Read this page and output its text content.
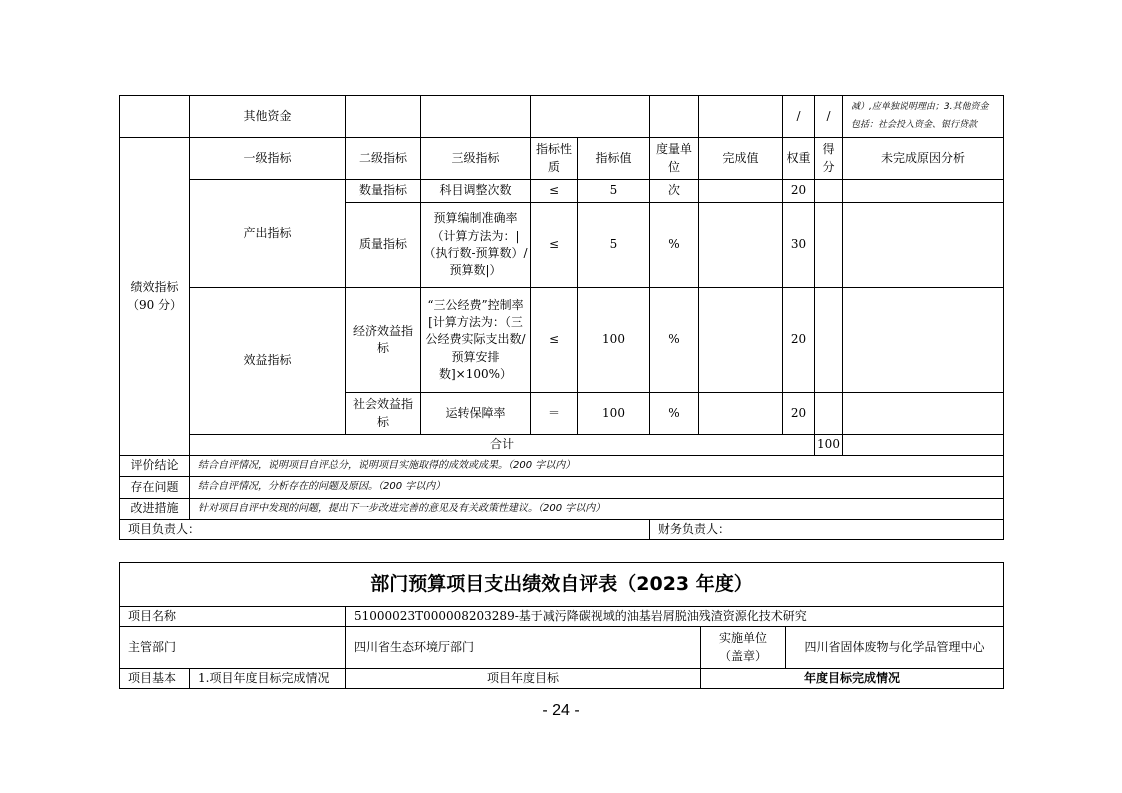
	其他资金							/	/	减）,应单独说明理由；3.其他资金
包括：社会投入资金、银行贷款	

绩效指标
（90 分）	一级指标	二级指标	三级指标	指标性质	指标值	度量单位	完成值	权重	得分	未完成原因分析	
	产出指标	数量指标	科目调整次数	≤	5	次		20			
		质量指标	预算编制准确率（计算方法为：|（执行数-预算数）/预算数|）	≤	5	%		30			
	效益指标	经济效益指标	“三公经费”控制率[计算方法为：（三公经费实际支出数/预算安排数]×100%）	≤	100	%		20			
		社会效益指标	运转保障率	＝	100	%		20			
	合计								100		
评价结论	结合自评情况，说明项目自评总分，说明项目实施取得的成效或成果。（200 字以内）										
存在问题	结合自评情况，分析存在的问题及原因。（200 字以内）										
改进措施	针对项目自评中发现的问题，提出下一步改进完善的意见及有关政策性建议。（200 字以内）										
项目负责人：						财务负责人：					
部门预算项目支出绩效自评表（2023 年度）				
项目名称		51000023T000008203289-基于减污降碳视域的油基岩屑脱油残渣资源化技术研究		
主管部门		四川省生态环境厅部门	实施单位
（盖章）	四川省固体废物与化学品管理中心
项目基本	1.项目年度目标完成情况	项目年度目标	年度目标完成情况	
- 24 -
